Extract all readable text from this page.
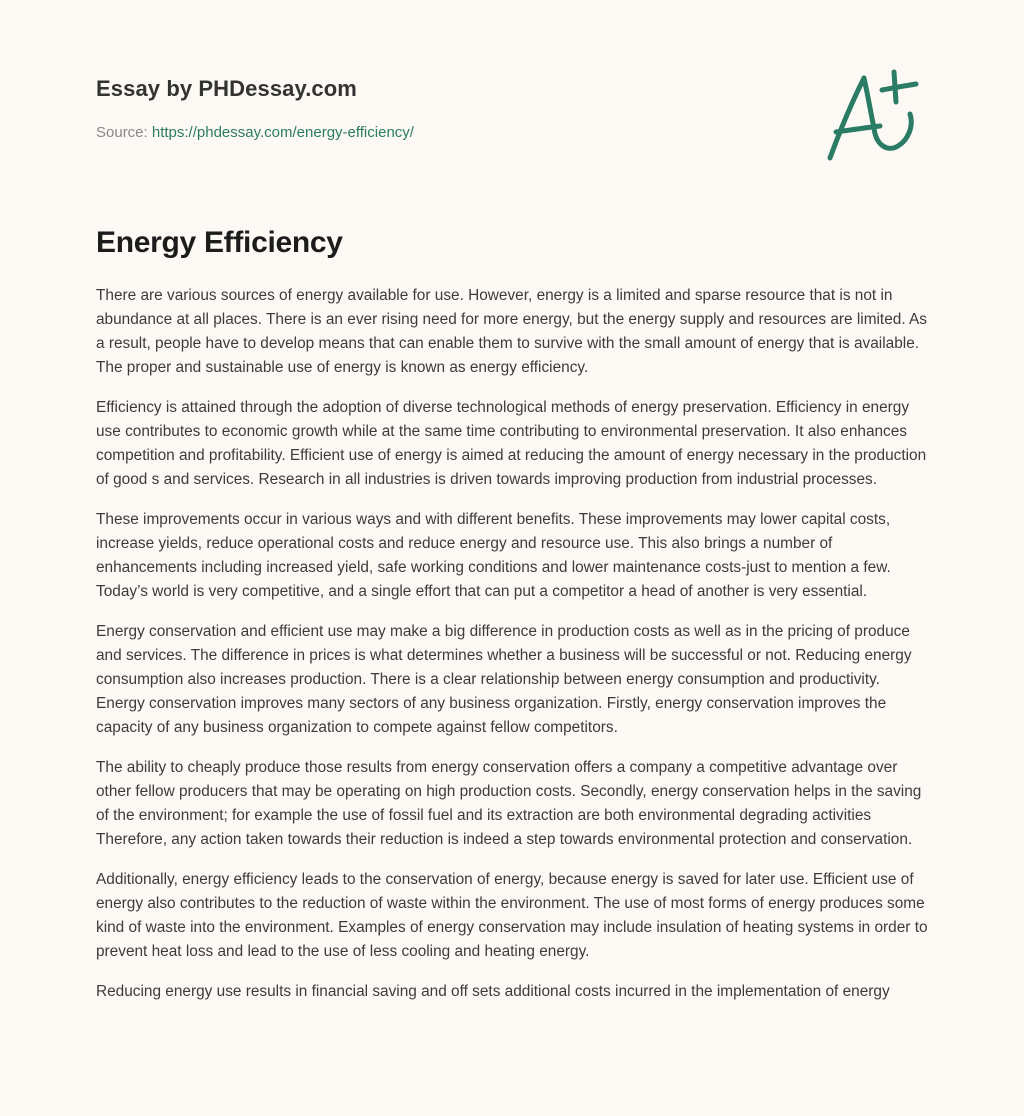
Essay by PHDessay.com
Source: https://phdessay.com/energy-efficiency/
Energy Efficiency

There are various sources of energy available for use. However, energy is a limited and sparse resource that is not in abundance at all places. There is an ever rising need for more energy, but the energy supply and resources are limited. As a result, people have to develop means that can enable them to survive with the small amount of energy that is available. The proper and sustainable use of energy is known as energy efficiency.

Efficiency is attained through the adoption of diverse technological methods of energy preservation. Efficiency in energy use contributes to economic growth while at the same time contributing to environmental preservation. It also enhances competition and profitability. Efficient use of energy is aimed at reducing the amount of energy necessary in the production of good s and services. Research in all industries is driven towards improving production from industrial processes.

These improvements occur in various ways and with different benefits. These improvements may lower capital costs, increase yields, reduce operational costs and reduce energy and resource use. This also brings a number of enhancements including increased yield, safe working conditions and lower maintenance costs-just to mention a few. Today’s world is very competitive, and a single effort that can put a competitor a head of another is very essential.

Energy conservation and efficient use may make a big difference in production costs as well as in the pricing of produce and services. The difference in prices is what determines whether a business will be successful or not. Reducing energy consumption also increases production. There is a clear relationship between energy consumption and productivity. Energy conservation improves many sectors of any business organization. Firstly, energy conservation improves the capacity of any business organization to compete against fellow competitors.

The ability to cheaply produce those results from energy conservation offers a company a competitive advantage over other fellow producers that may be operating on high production costs. Secondly, energy conservation helps in the saving of the environment; for example the use of fossil fuel and its extraction are both environmental degrading activities Therefore, any action taken towards their reduction is indeed a step towards environmental protection and conservation.

Additionally, energy efficiency leads to the conservation of energy, because energy is saved for later use. Efficient use of energy also contributes to the reduction of waste within the environment. The use of most forms of energy produces some kind of waste into the environment. Examples of energy conservation may include insulation of heating systems in order to prevent heat loss and lead to the use of less cooling and heating energy.

Reducing energy use results in financial saving and off sets additional costs incurred in the implementation of energy
